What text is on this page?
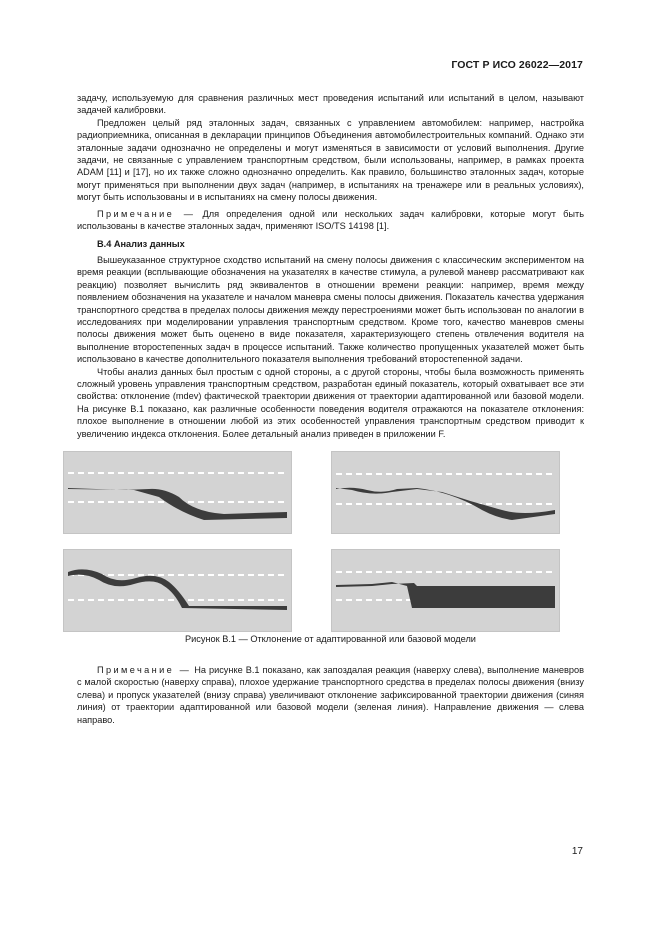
ГОСТ Р ИСО 26022—2017

задачу, используемую для сравнения различных мест проведения испытаний или испытаний в целом, называют задачей калибровки.

Предложен целый ряд эталонных задач, связанных с управлением автомобилем: например, настройка радиоприемника, описанная в декларации принципов Объединения автомобилестроительных компаний. Однако эти эталонные задачи однозначно не определены и могут изменяться в зависимости от условий выполнения. Другие задачи, не связанные с управлением транспортным средством, были использованы, например, в рамках проекта ADAM [11] и [17], но их также сложно однозначно определить. Как правило, большинство эталонных задач, которые могут применяться при выполнении двух задач (например, в испытаниях на тренажере или в реальных условиях), могут быть использованы и в испытаниях на смену полосы движения.

Примечание — Для определения одной или нескольких задач калибровки, которые могут быть использованы в качестве эталонных задач, применяют ISO/TS 14198 [1].

B.4 Анализ данных

Вышеуказанное структурное сходство испытаний на смену полосы движения с классическим экспериментом на время реакции (всплывающие обозначения на указателях в качестве стимула, а рулевой маневр рассматривают как реакцию) позволяет вычислить ряд эквивалентов в отношении времени реакции: например, время между появлением обозначения на указателе и началом маневра смены полосы движения. Показатель качества удержания транспортного средства в пределах полосы движения между перестроениями может быть использован по аналогии в исследованиях при моделировании управления транспортным средством. Кроме того, качество маневров смены полосы движения может быть оценено в виде показателя, характеризующего степень отвлечения водителя на выполнение второстепенных задач в процессе испытаний. Также количество пропущенных указателей может быть использовано в качестве дополнительного показателя выполнения требований второстепенной задачи.

Чтобы анализ данных был простым с одной стороны, а с другой стороны, чтобы была возможность применять сложный уровень управления транспортным средством, разработан единый показатель, который охватывает все эти свойства: отклонение (mdev) фактической траектории движения от траектории адаптированной или базовой модели. На рисунке B.1 показано, как различные особенности поведения водителя отражаются на показателе отклонения: плохое выполнение в отношении любой из этих особенностей управления транспортным средством приводит к увеличению индекса отклонения. Более детальный анализ приведен в приложении F.

Рисунок B.1 — Отклонение от адаптированной или базовой модели
Примечание — На рисунке B.1 показано, как запоздалая реакция (наверху слева), выполнение маневров с малой скоростью (наверху справа), плохое удержание транспортного средства в пределах полосы движения (внизу слева) и пропуск указателей (внизу справа) увеличивают отклонение зафиксированной траектории движения (синяя линия) от траектории адаптированной или базовой модели (зеленая линия). Направление движения — слева направо.
17
